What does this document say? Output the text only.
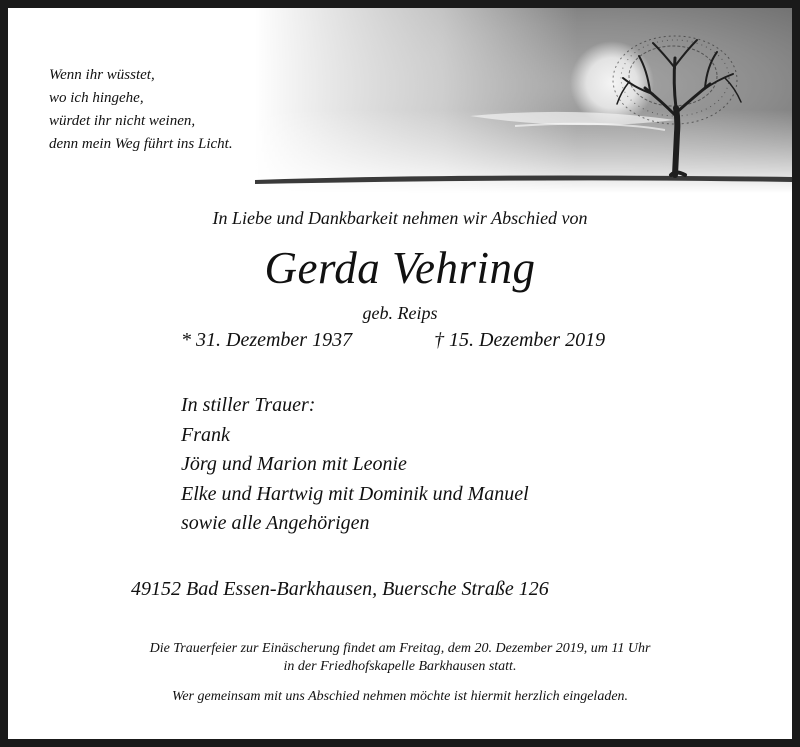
Wenn ihr wüsstet,
wo ich hingehe,
würdet ihr nicht weinen,
denn mein Weg führt ins Licht.
In Liebe und Dankbarkeit nehmen wir Abschied von
Gerda Vehring
geb. Reips
* 31. Dezember 1937	† 15. Dezember 2019
In stiller Trauer:
Frank
Jörg und Marion mit Leonie
Elke und Hartwig mit Dominik und Manuel
sowie alle Angehörigen
49152 Bad Essen-Barkhausen, Buersche Straße 126
Die Trauerfeier zur Einäscherung findet am Freitag, dem 20. Dezember 2019, um 11 Uhr
in der Friedhofskapelle Barkhausen statt.
Wer gemeinsam mit uns Abschied nehmen möchte ist hiermit herzlich eingeladen.
